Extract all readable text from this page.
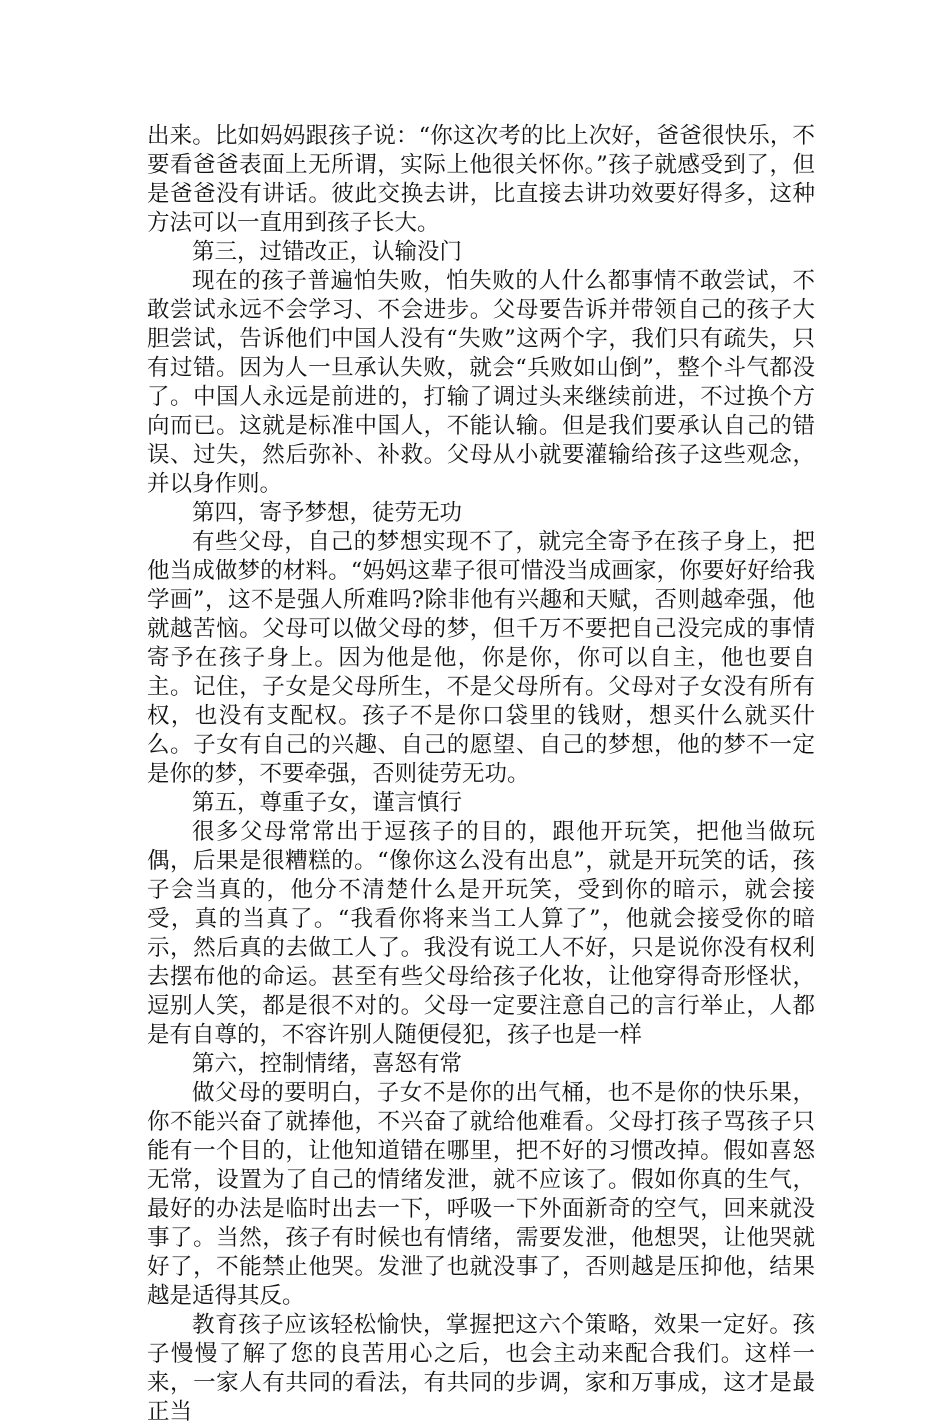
出来。比如妈妈跟孩子说：“你这次考的比上次好，爸爸很快乐，不要看爸爸表面上无所谓，实际上他很关怀你。”孩子就感受到了，但是爸爸没有讲话。彼此交换去讲，比直接去讲功效要好得多，这种方法可以一直用到孩子长大。

第三，过错改正，认输没门

现在的孩子普遍怕失败，怕失败的人什么都事情不敢尝试，不敢尝试永远不会学习、不会进步。父母要告诉并带领自己的孩子大胆尝试，告诉他们中国人没有“失败”这两个字，我们只有疏失，只有过错。因为人一旦承认失败，就会“兵败如山倒”，整个斗气都没了。中国人永远是前进的，打输了调过头来继续前进，不过换个方向而已。这就是标准中国人，不能认输。但是我们要承认自己的错误、过失，然后弥补、补救。父母从小就要灌输给孩子这些观念，并以身作则。

第四，寄予梦想，徒劳无功

有些父母，自己的梦想实现不了，就完全寄予在孩子身上，把他当成做梦的材料。“妈妈这辈子很可惜没当成画家，你要好好给我学画”，这不是强人所难吗?除非他有兴趣和天赋，否则越牵强，他就越苦恼。父母可以做父母的梦，但千万不要把自己没完成的事情寄予在孩子身上。因为他是他，你是你，你可以自主，他也要自主。记住，子女是父母所生，不是父母所有。父母对子女没有所有权，也没有支配权。孩子不是你口袋里的钱财，想买什么就买什么。子女有自己的兴趣、自己的愿望、自己的梦想，他的梦不一定是你的梦，不要牵强，否则徒劳无功。

第五，尊重子女，谨言慎行

很多父母常常出于逗孩子的目的，跟他开玩笑，把他当做玩偶，后果是很糟糕的。“像你这么没有出息”，就是开玩笑的话，孩子会当真的，他分不清楚什么是开玩笑，受到你的暗示，就会接受，真的当真了。“我看你将来当工人算了”，他就会接受你的暗示，然后真的去做工人了。我没有说工人不好，只是说你没有权利去摆布他的命运。甚至有些父母给孩子化妆，让他穿得奇形怪状，逗别人笑，都是很不对的。父母一定要注意自己的言行举止，人都是有自尊的，不容许别人随便侵犯，孩子也是一样

第六，控制情绪，喜怒有常

做父母的要明白，子女不是你的出气桶，也不是你的快乐果，你不能兴奋了就捧他，不兴奋了就给他难看。父母打孩子骂孩子只能有一个目的，让他知道错在哪里，把不好的习惯改掉。假如喜怒无常，设置为了自己的情绪发泄，就不应该了。假如你真的生气，最好的办法是临时出去一下，呼吸一下外面新奇的空气，回来就没事了。当然，孩子有时候也有情绪，需要发泄，他想哭，让他哭就好了，不能禁止他哭。发泄了也就没事了，否则越是压抑他，结果越是适得其反。

教育孩子应该轻松愉快，掌握把这六个策略，效果一定好。孩子慢慢了解了您的良苦用心之后，也会主动来配合我们。这样一来，一家人有共同的看法，有共同的步调，家和万事成，这才是最正当
